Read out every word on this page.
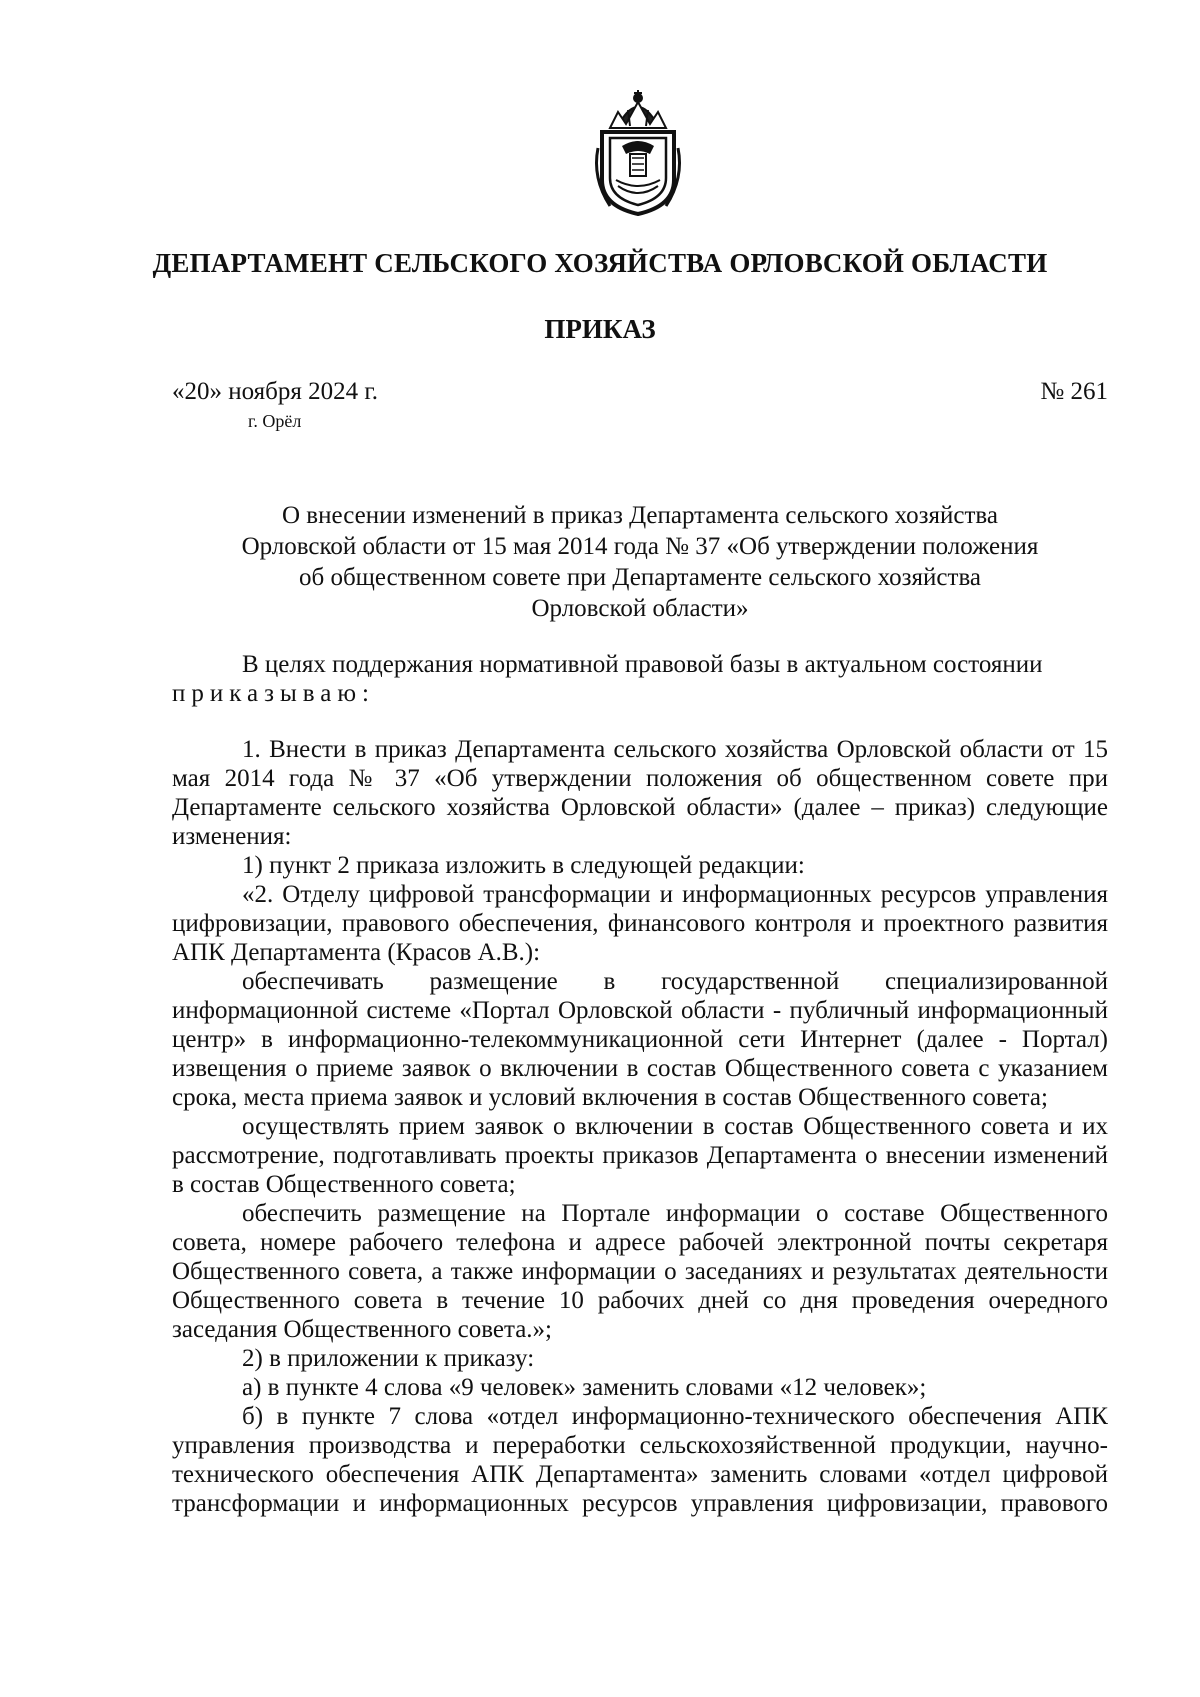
ДЕПАРТАМЕНТ СЕЛЬСКОГО ХОЗЯЙСТВА ОРЛОВСКОЙ ОБЛАСТИ
ПРИКАЗ
«20» ноября 2024 г.	№ 261
г. Орёл
О внесении изменений в приказ Департамента сельского хозяйства
Орловской области от 15 мая 2014 года № 37 «Об утверждении положения
об общественном совете при Департаменте сельского хозяйства
Орловской области»

В целях поддержания нормативной правовой базы в актуальном состоянии

приказываю:

1. Внести в приказ Департамента сельского хозяйства Орловской области от 15 мая 2014 года № 37 «Об утверждении положения об общественном совете при Департаменте сельского хозяйства Орловской области» (далее – приказ) следующие изменения:

1) пункт 2 приказа изложить в следующей редакции:

«2. Отделу цифровой трансформации и информационных ресурсов управления цифровизации, правового обеспечения, финансового контроля и проектного развития АПК Департамента (Красов А.В.):

обеспечивать размещение в государственной специализированной информационной системе «Портал Орловской области - публичный информационный центр» в информационно-телекоммуникационной сети Интернет (далее - Портал) извещения о приеме заявок о включении в состав Общественного совета с указанием срока, места приема заявок и условий включения в состав Общественного совета;

осуществлять прием заявок о включении в состав Общественного совета и их рассмотрение, подготавливать проекты приказов Департамента о внесении изменений в состав Общественного совета;

обеспечить размещение на Портале информации о составе Общественного совета, номере рабочего телефона и адресе рабочей электронной почты секретаря Общественного совета, а также информации о заседаниях и результатах деятельности Общественного совета в течение 10 рабочих дней со дня проведения очередного заседания Общественного совета.»;

2) в приложении к приказу:

а) в пункте 4 слова «9 человек» заменить словами «12 человек»;

б) в пункте 7 слова «отдел информационно-технического обеспечения АПК управления производства и переработки сельскохозяйственной продукции, научно-технического обеспечения АПК Департамента» заменить словами «отдел цифровой трансформации и информационных ресурсов управления цифровизации, правового
